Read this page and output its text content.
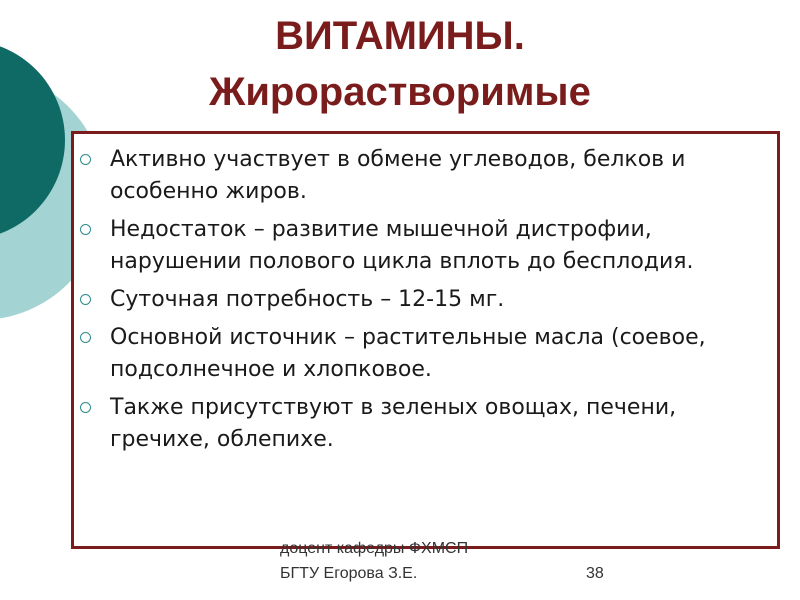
ВИТАМИНЫ.
Жирорастворимые
Активно участвует в обмене углеводов, белков и особенно жиров.
Недостаток – развитие мышечной дистрофии, нарушении полового цикла вплоть до бесплодия.
Суточная потребность – 12-15 мг.
Основной источник – растительные масла (соевое, подсолнечное и хлопковое.
Также присутствуют в зеленых овощах, печени, гречихе, облепихе.
доцент кафедры ФХМСП
БГТУ Егорова З.Е.	38
